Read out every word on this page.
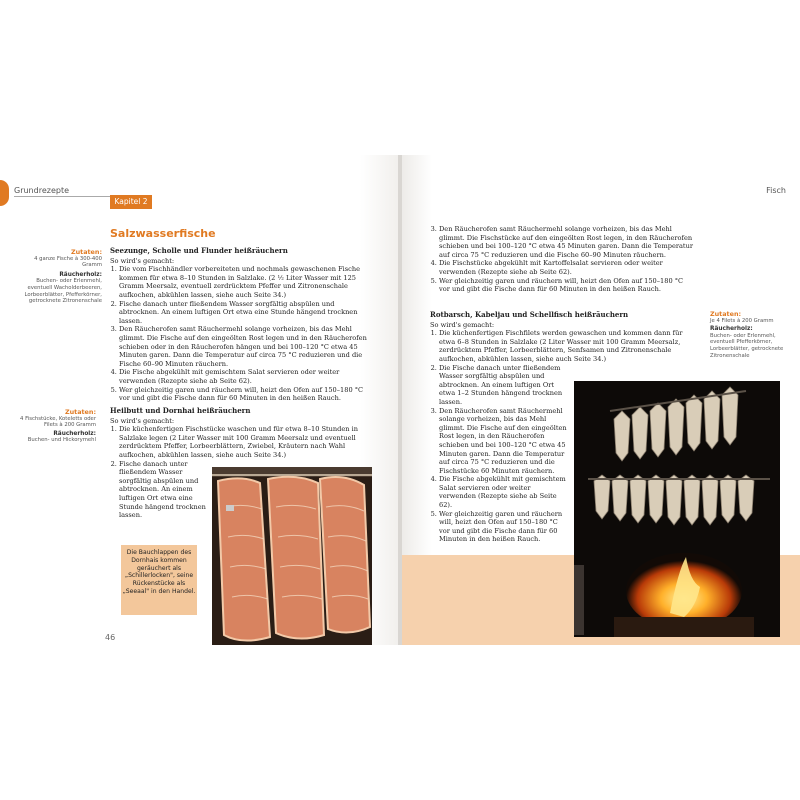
Grundrezepte
Kapitel 2
Salzwasserfische
Zutaten:
4 ganze Fische à 300-400 Gramm
Räucherholz:
Buchen- oder Erlenmehl, eventuell Wacholderbeeren, Lorbeerblätter, Pfefferkörner, getrocknete Zitronenschale
Zutaten:
4 Fischstücke, Koteletts oder Filets à 200 Gramm
Räucherholz:
Buchen- und Hickorymehl
Seezunge, Scholle und Flunder heißräuchern

So wird's gemacht:

1. Die vom Fischhändler vorbereiteten und nochmals gewaschenen Fische kommen für etwa 8–10 Stunden in Salzlake. (2 ½ Liter Wasser mit 125 Gramm Meersalz, eventuell zerdrücktem Pfeffer und Zitronenschale aufkochen, abkühlen lassen, siehe auch Seite 34.)
2. Fische danach unter fließendem Wasser sorgfältig abspülen und abtrocknen. An einem luftigen Ort etwa eine Stunde hängend trocknen lassen.
3. Den Räucherofen samt Räuchermehl solange vorheizen, bis das Mehl glimmt. Die Fische auf den eingeölten Rost legen und in den Räucherofen schieben oder in den Räucherofen hängen und bei 100–120 °C etwa 45 Minuten garen. Dann die Temperatur auf circa 75 °C reduzieren und die Fische 60–90 Minuten räuchern.
4. Die Fische abgekühlt mit gemischtem Salat servieren oder weiter verwenden (Rezepte siehe ab Seite 62).
5. Wer gleichzeitig garen und räuchern will, heizt den Ofen auf 150–180 °C vor und gibt die Fische dann für 60 Minuten in den heißen Rauch.
Heilbutt und Dornhai heißräuchern

So wird's gemacht:

1. Die küchenfertigen Fischstücke waschen und für etwa 8–10 Stunden in Salzlake legen (2 Liter Wasser mit 100 Gramm Meersalz und eventuell zerdrücktem Pfeffer, Lorbeerblättern, Zwiebel, Kräutern nach Wahl aufkochen, abkühlen lassen, siehe auch Seite 34.)
2. Fische danach unter fließendem Wasser sorgfältig abspülen und abtrocknen. An einem luftigen Ort etwa eine Stunde hängend trocknen lassen.
Die Bauchlappen des Dornhais kommen geräuchert als „Schillerlocken", seine Rückenstücke als „Seeaal" in den Handel.
46
Fisch
3. Den Räucherofen samt Räuchermehl solange vorheizen, bis das Mehl glimmt. Die Fischstücke auf den eingeölten Rost legen, in den Räucherofen schieben und bei 100–120 °C etwa 45 Minuten garen. Dann die Temperatur auf circa 75 °C reduzieren und die Fische 60–90 Minuten räuchern.
4. Die Fischstücke abgekühlt mit Kartoffelsalat servieren oder weiter verwenden (Rezepte siehe ab Seite 62).
5. Wer gleichzeitig garen und räuchern will, heizt den Ofen auf 150–180 °C vor und gibt die Fische dann für 60 Minuten in den heißen Rauch.
Rotbarsch, Kabeljau und Schellfisch heißräuchern

So wird's gemacht:

1. Die küchenfertigen Fischfilets werden gewaschen und kommen dann für etwa 6–8 Stunden in Salzlake (2 Liter Wasser mit 100 Gramm Meersalz, zerdrücktem Pfeffer, Lorbeerblättern, Senfsamen und Zitronenschale aufkochen, abkühlen lassen, siehe auch Seite 34.)
2. Die Fische danach unter fließendem Wasser sorgfältig abspülen und abtrocknen. An einem luftigen Ort etwa 1–2 Stunden hängend trocknen lassen.
3. Den Räucherofen samt Räuchermehl solange vorheizen, bis das Mehl glimmt. Die Fische auf den eingeölten Rost legen, in den Räucherofen schieben und bei 100–120 °C etwa 45 Minuten garen. Dann die Temperatur auf circa 75 °C reduzieren und die Fischstücke 60 Minuten räuchern.
4. Die Fische abgekühlt mit gemischtem Salat servieren oder weiter verwenden (Rezepte siehe ab Seite 62).
5. Wer gleichzeitig garen und räuchern will, heizt den Ofen auf 150–180 °C vor und gibt die Fische dann für 60 Minuten in den heißen Rauch.
Zutaten:
Je 4 Filets à 200 Gramm
Räucherholz:
Buchen- oder Erlenmehl, eventuell Pfefferkörner, Lorbeerblätter, getrocknete Zitronenschale
